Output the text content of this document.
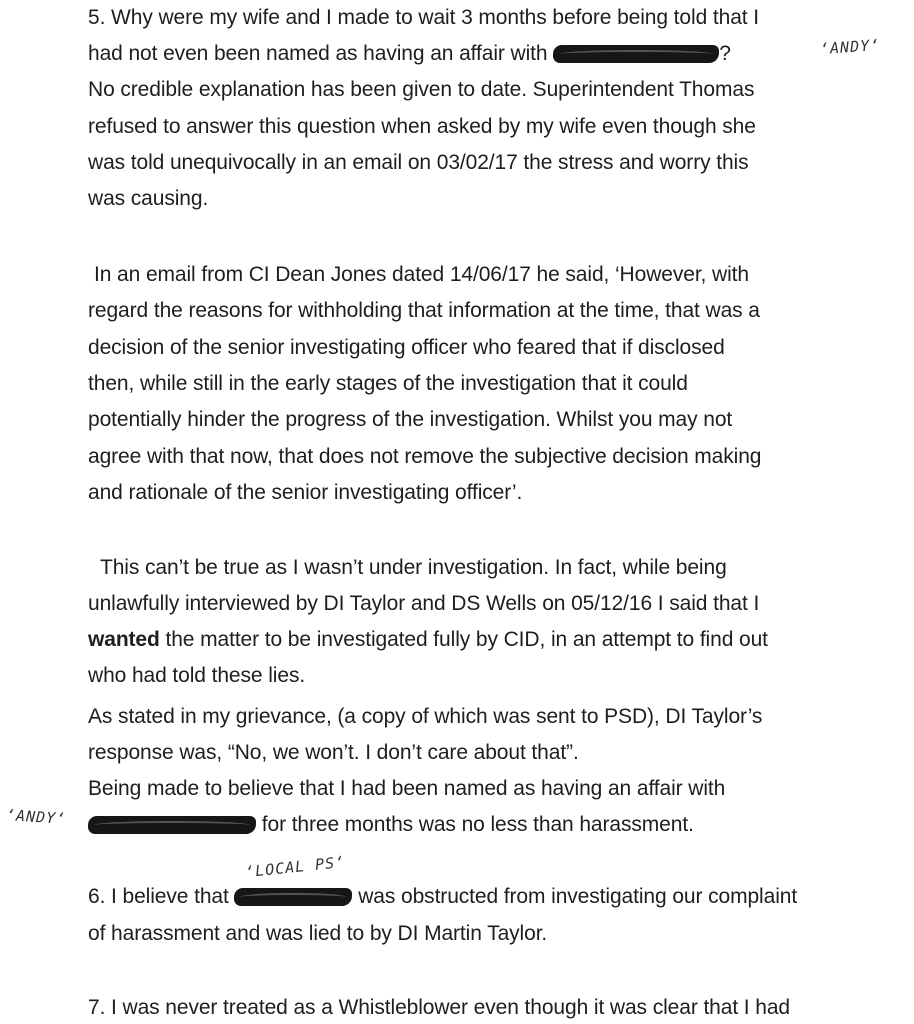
5. Why were my wife and I made to wait 3 months before being told that I
had not even been named as having an affair with	?	‘ANDY‘
No credible explanation has been given to date. Superintendent Thomas
refused to answer this question when asked by my wife even though she
was told unequivocally in an email on 03/02/17 the stress and worry this
was causing.
In an email from CI Dean Jones dated 14/06/17 he said, ‘However, with
regard the reasons for withholding that information at the time, that was a
decision of the senior investigating officer who feared that if disclosed
then, while still in the early stages of the investigation that it could
potentially hinder the progress of the investigation. Whilst you may not
agree with that now, that does not remove the subjective decision making
and rationale of the senior investigating officer’.
This can’t be true as I wasn’t under investigation. In fact, while being
unlawfully interviewed by DI Taylor and DS Wells on 05/12/16 I said that I
wanted the matter to be investigated fully by CID, in an attempt to find out
who had told these lies.
As stated in my grievance, (a copy of which was sent to PSD), DI Taylor’s
response was, “No, we won’t. I don’t care about that”.
Being made to believe that I had been named as having an affair with
‘ANDY‘	for three months was no less than harassment.
‘LOCAL PS‘
6. I believe that	was obstructed from investigating our complaint
of harassment and was lied to by DI Martin Taylor.
7. I was never treated as a Whistleblower even though it was clear that I had
